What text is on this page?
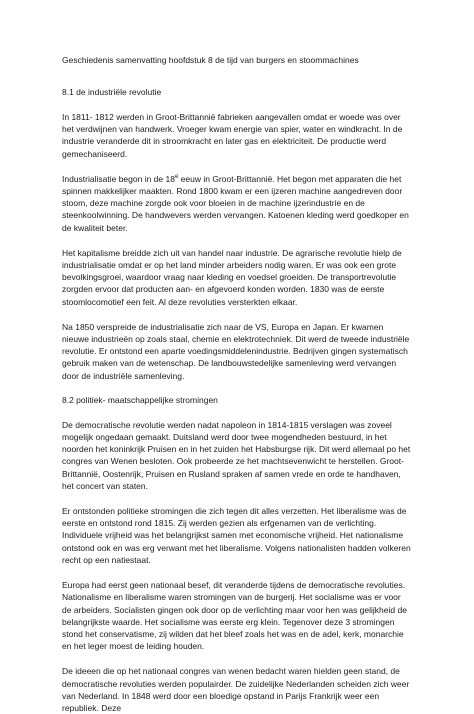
Geschiedenis samenvatting hoofdstuk 8 de tijd van burgers en stoommachines
8.1 de industriële revolutie

In 1811- 1812 werden in Groot-Brittannië fabrieken aangevallen omdat er woede was over het verdwijnen van handwerk. Vroeger kwam energie van spier, water en windkracht. In de industrie veranderde dit in stroomkracht en later gas en elektriciteit. De productie werd gemechaniseerd.

Industrialisatie begon in de 18e eeuw in Groot-Brittannië. Het begon met apparaten die het spinnen makkelijker maakten. Rond 1800 kwam er een ijzeren machine aangedreven door stoom, deze machine zorgde ook voor bloeien in de machine ijzerindustrie en de steenkoolwinning. De handwevers werden vervangen. Katoenen kleding werd goedkoper en de kwaliteit beter.

Het kapitalisme breidde zich uit van handel naar industrie. De agrarische revolutie hielp de industrialisatie omdat er op het land minder arbeiders nodig waren. Er was ook een grote bevolkingsgroei, waardoor vraag naar kleding en voedsel groeiden. De transportrevolutie zorgden ervoor dat producten aan- en afgevoerd konden worden. 1830 was de eerste stoomlocomotief een feit. Al deze revoluties versterkten elkaar.

Na 1850 verspreide de industrialisatie zich naar de VS, Europa en Japan. Er kwamen nieuwe industrieën op zoals staal, chemie en elektrotechniek. Dit werd de tweede industriële revolutie. Er ontstond een aparte voedingsmiddelenindustrie. Bedrijven gingen systematisch gebruik maken van de wetenschap. De landbouwstedelijke samenleving werd vervangen door de industriële samenleving.

8.2 politiek- maatschappelijke stromingen

De democratische revolutie werden nadat napoleon in 1814-1815 verslagen was zoveel mogelijk ongedaan gemaakt. Duitsland werd door twee mogendheden bestuurd, in het noorden het koninkrijk Pruisen en in het zuiden het Habsburgse rijk. Dit werd allemaal po het congres van Wenen besloten. Ook probeerde ze het machtsevenwicht te herstellen. Groot-Brittannië, Oostenrijk, Pruisen en Rusland spraken af samen vrede en orde te handhaven, het concert van staten.

Er ontstonden politieke stromingen die zich tegen dit alles verzetten. Het liberalisme was de eerste en ontstond rond 1815. Zij werden gezien als erfgenamen van de verlichting. Individuele vrijheid was het belangrijkst samen met economische vrijheid. Het nationalisme ontstond ook en was erg verwant met het liberalisme. Volgens nationalisten hadden volkeren recht op een natiestaat.

Europa had eerst geen nationaal besef, dit veranderde tijdens de democratische revoluties. Nationalisme en liberalisme waren stromingen van de burgerij. Het socialisme was er voor de arbeiders. Socialisten gingen ook door op de verlichting maar voor hen was gelijkheid de belangrijkste waarde. Het socialisme was eerste erg klein. Tegenover deze 3 stromingen stond het conservatisme, zij wilden dat het bleef zoals het was en de adel, kerk, monarchie en het leger moest de leiding houden.

De ideeen die op het nationaal congres van wenen bedacht waren hielden geen stand, de democratische revoluties werden populairder. De zuidelijke Nederlanden scheiden zich weer van Nederland. In 1848 werd door een bloedige opstand in Parijs Frankrijk weer een republiek. Deze
